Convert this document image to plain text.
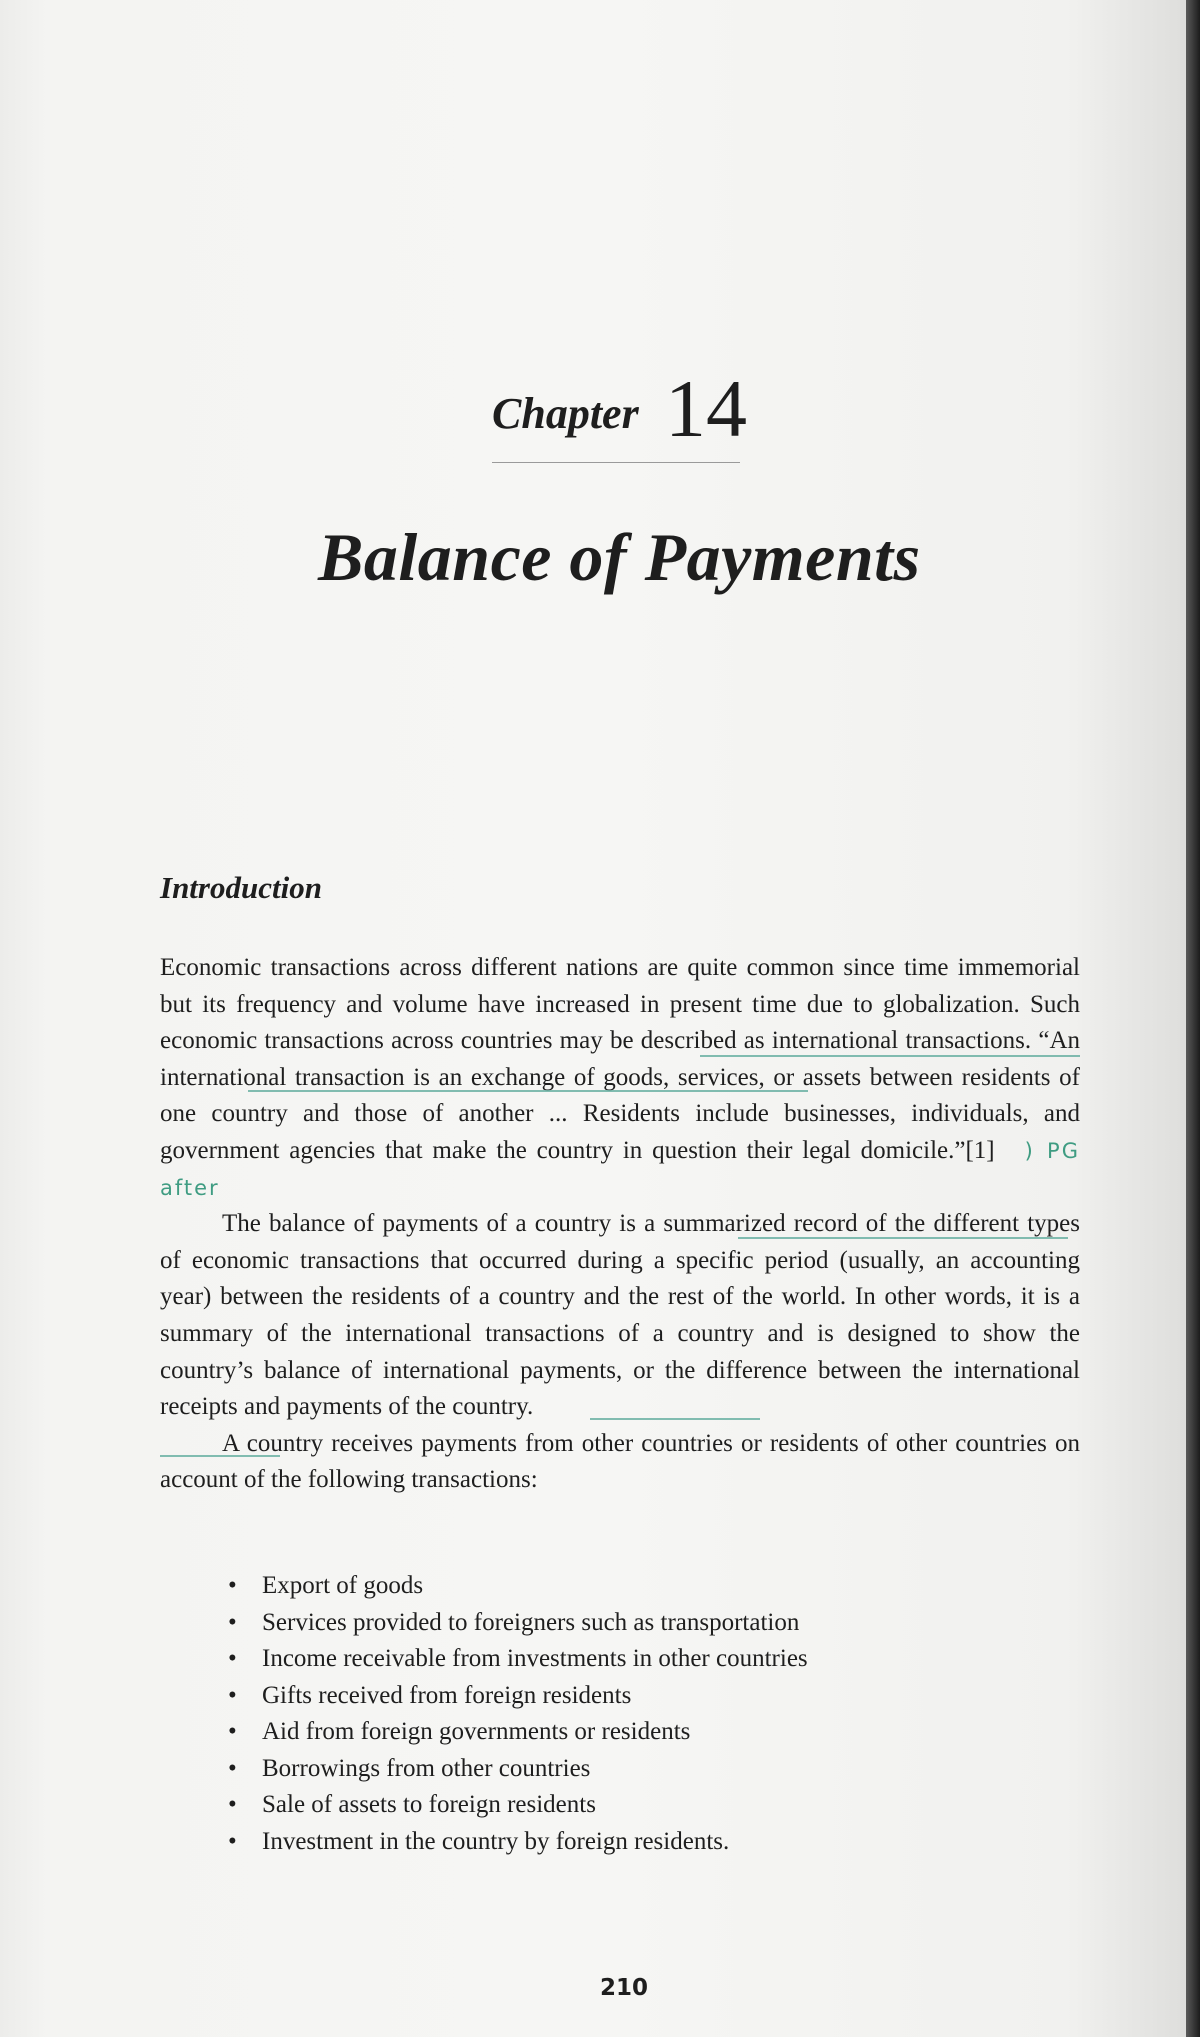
Chapter 14
Balance of Payments
Introduction

Economic transactions across different nations are quite common since time immemorial but its frequency and volume have increased in present time due to globalization. Such economic transactions across countries may be described as international transactions. “An international transaction is an exchange of goods, services, or assets between residents of one country and those of another ... Residents include businesses, individuals, and government agencies that make the country in question their legal domicile.”[1] ) PG after

The balance of payments of a country is a summarized record of the different types of economic transactions that occurred during a specific period (usually, an accounting year) between the residents of a country and the rest of the world. In other words, it is a summary of the international transactions of a country and is designed to show the country’s balance of international payments, or the difference between the international receipts and payments of the country.

A country receives payments from other countries or residents of other countries on account of the following transactions:

• Export of goods
• Services provided to foreigners such as transportation
• Income receivable from investments in other countries
• Gifts received from foreign residents
• Aid from foreign governments or residents
• Borrowings from other countries
• Sale of assets to foreign residents
• Investment in the country by foreign residents.
210
